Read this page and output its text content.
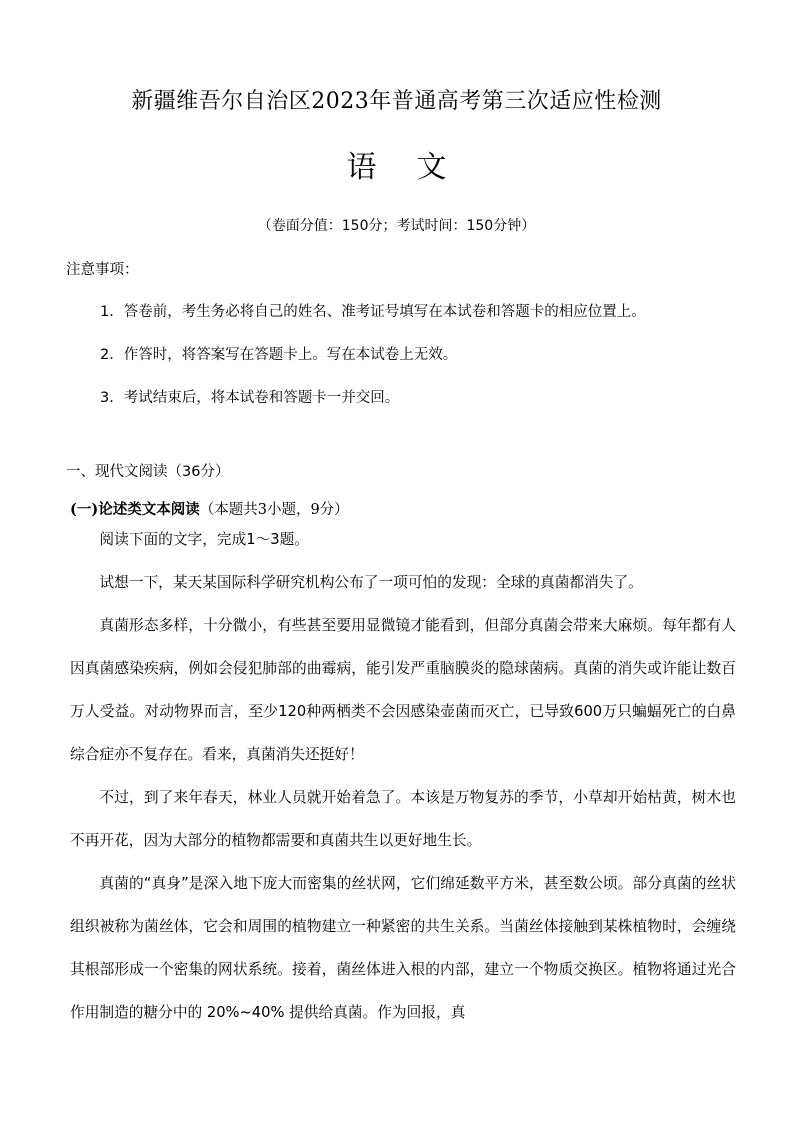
新疆维吾尔自治区2023年普通高考第三次适应性检测
语文
（卷面分值：150分；考试时间：150分钟）
注意事项：
1．答卷前，考生务必将自己的姓名、准考证号填写在本试卷和答题卡的相应位置上。
2．作答时，将答案写在答题卡上。写在本试卷上无效。
3．考试结束后，将本试卷和答题卡一并交回。
一、现代文阅读（36分）
(一)论述类文本阅读（本题共3小题，9分）

阅读下面的文字，完成1～3题。

试想一下，某天某国际科学研究机构公布了一项可怕的发现：全球的真菌都消失了。

真菌形态多样，十分微小，有些甚至要用显微镜才能看到，但部分真菌会带来大麻烦。每年都有人因真菌感染疾病，例如会侵犯肺部的曲霉病，能引发严重脑膜炎的隐球菌病。真菌的消失或许能让数百万人受益。对动物界而言，至少120种两栖类不会因感染壶菌而灭亡，已导致600万只蝙蝠死亡的白鼻综合症亦不复存在。看来，真菌消失还挺好！

不过，到了来年春天，林业人员就开始着急了。本该是万物复苏的季节，小草却开始枯黄，树木也不再开花，因为大部分的植物都需要和真菌共生以更好地生长。

真菌的“真身”是深入地下庞大而密集的丝状网，它们绵延数平方米，甚至数公顷。部分真菌的丝状组织被称为菌丝体，它会和周围的植物建立一种紧密的共生关系。当菌丝体接触到某株植物时，会缠绕其根部形成一个密集的网状系统。接着，菌丝体进入根的内部，建立一个物质交换区。植物将通过光合作用制造的糖分中的 20%~40% 提供给真菌。作为回报，真
